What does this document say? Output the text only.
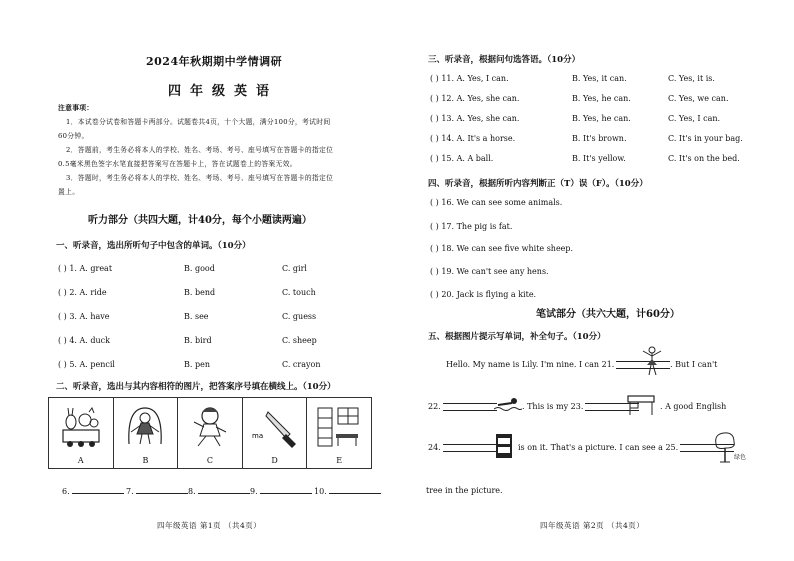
2024年秋期期中学情调研
四年级英语
注意事项：
1．本试卷分试卷和答题卡两部分。试题卷共4页，十个大题，满分100分，考试时间
60分钟。
2．答题前，考生务必将本人的学校、姓名、考场、考号、座号填写在答题卡的指定位
0.5毫米黑色签字水笔直接把答案写在答题卡上，答在试题卷上的答案无效。
3．答题时，考生务必将本人的学校、姓名、考场、考号、座号填写在答题卡的指定位
置上。
听力部分（共四大题，计40分，每个小题读两遍）
一、听录音，选出所听句子中包含的单词。（10分）
( ) 1. A. great	B. good	C. girl
( ) 2. A. ride	B. bend	C. touch
( ) 3. A. have	B. see	C. guess
( ) 4. A. duck	B. bird	C. sheep
( ) 5. A. pencil	B. pen	C. crayon
二、听录音，选出与其内容相符的图片，把答案序号填在横线上。（10分）
A	B	C
ma
D	E
6.	7.	8.	9.	10.
四年级英语 第1页 （共4页）
三、听录音，根据问句选答语。（10分）
( ) 11. A. Yes, I can.	B. Yes, it can.	C. Yes, it is.
( ) 12. A. Yes, she can.	B. Yes, he can.	C. Yes, we can.
( ) 13. A. Yes, she can.	B. Yes, he can.	C. Yes, I can.
( ) 14. A. It's a horse.	B. It's brown.	C. It's in your bag.
( ) 15. A. A ball.	B. It's yellow.	C. It's on the bed.
四、听录音，根据所听内容判断正（T）误（F）。（10分）
( ) 16. We can see some animals.
( ) 17. The pig is fat.
( ) 18. We can see five white sheep.
( ) 19. We can't see any hens.
( ) 20. Jack is flying a kite.
笔试部分（共六大题，计60分）
五、根据图片提示写单词，补全句子。（10分）
Hello. My name is Lily. I'm nine. I can 21.	. But I can't
22.	. This is my 23.	. A good English
24.	is on it. That's a picture. I can see a 25.
绿色
tree in the picture.
四年级英语 第2页 （共4页）
